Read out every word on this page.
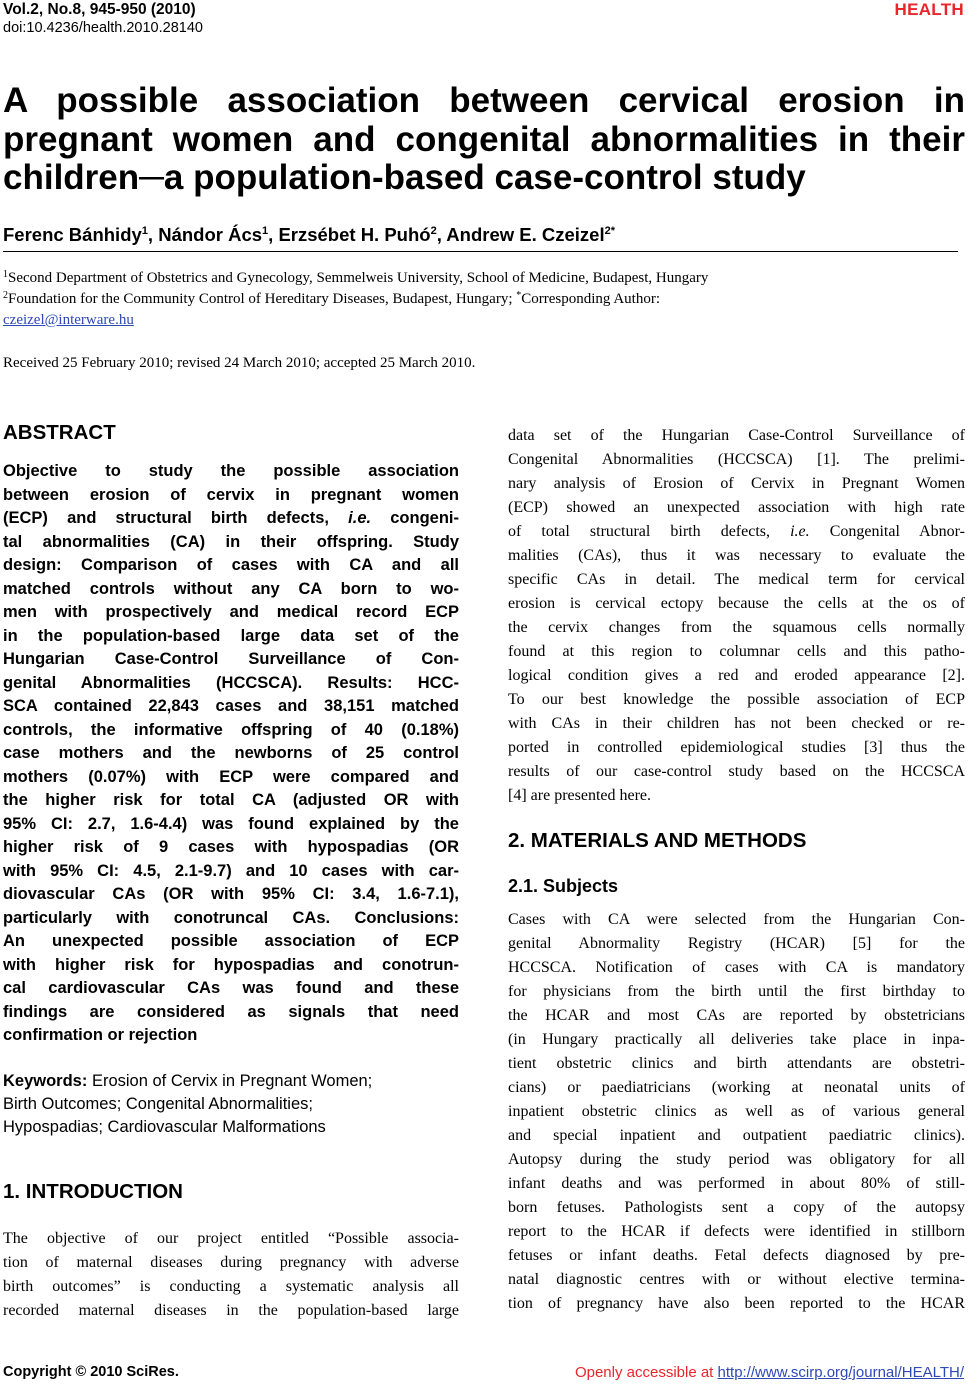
Vol.2, No.8, 945-950 (2010)
doi:10.4236/health.2010.28140
HEALTH
A possible association between cervical erosion in
pregnant women and congenital abnormalities in their
children─a population-based case-control study
Ferenc Bánhidy$^1$, Nándor Ács$^1$, Erzsébet H. Puhó$^2$, Andrew E. Czeizel$^{2*}$
$^1$Second Department of Obstetrics and Gynecology, Semmelweis University, School of Medicine, Budapest, Hungary
$^2$Foundation for the Community Control of Hereditary Diseases, Budapest, Hungary; *Corresponding Author:
czeizel@interware.hu
Received 25 February 2010; revised 24 March 2010; accepted 25 March 2010.
ABSTRACT
Objective to study the possible association
between erosion of cervix in pregnant women
(ECP) and structural birth defects, i.e. congeni-
tal abnormalities (CA) in their offspring. Study
design: Comparison of cases with CA and all
matched controls without any CA born to wo-
men with prospectively and medical record ECP
in the population-based large data set of the
Hungarian Case-Control Surveillance of Con-
genital Abnormalities (HCCSCA). Results: HCC-
SCA contained 22,843 cases and 38,151 matched
controls, the informative offspring of 40 (0.18%)
case mothers and the newborns of 25 control
mothers (0.07%) with ECP were compared and
the higher risk for total CA (adjusted OR with
95% CI: 2.7, 1.6-4.4) was found explained by the
higher risk of 9 cases with hypospadias (OR
with 95% CI: 4.5, 2.1-9.7) and 10 cases with car-
diovascular CAs (OR with 95% CI: 3.4, 1.6-7.1),
particularly with conotruncal CAs. Conclusions:
An unexpected possible association of ECP
with higher risk for hypospadias and conotrun-
cal cardiovascular CAs was found and these
findings are considered as signals that need
confirmation or rejection
Keywords: Erosion of Cervix in Pregnant Women;
Birth Outcomes; Congenital Abnormalities;
Hypospadias; Cardiovascular Malformations
1. INTRODUCTION
The objective of our project entitled “Possible associa-
tion of maternal diseases during pregnancy with adverse
birth outcomes” is conducting a systematic analysis all
recorded maternal diseases in the population-based large
data set of the Hungarian Case-Control Surveillance of
Congenital Abnormalities (HCCSCA) [1]. The prelimi-
nary analysis of Erosion of Cervix in Pregnant Women
(ECP) showed an unexpected association with high rate
of total structural birth defects, i.e. Congenital Abnor-
malities (CAs), thus it was necessary to evaluate the
specific CAs in detail. The medical term for cervical
erosion is cervical ectopy because the cells at the os of
the cervix changes from the squamous cells normally
found at this region to columnar cells and this patho-
logical condition gives a red and eroded appearance [2].
To our best knowledge the possible association of ECP
with CAs in their children has not been checked or re-
ported in controlled epidemiological studies [3] thus the
results of our case-control study based on the HCCSCA
[4] are presented here.
2. MATERIALS AND METHODS
2.1. Subjects
Cases with CA were selected from the Hungarian Con-
genital Abnormality Registry (HCAR) [5] for the
HCCSCA. Notification of cases with CA is mandatory
for physicians from the birth until the first birthday to
the HCAR and most CAs are reported by obstetricians
(in Hungary practically all deliveries take place in inpa-
tient obstetric clinics and birth attendants are obstetri-
cians) or paediatricians (working at neonatal units of
inpatient obstetric clinics as well as of various general
and special inpatient and outpatient paediatric clinics).
Autopsy during the study period was obligatory for all
infant deaths and was performed in about 80% of still-
born fetuses. Pathologists sent a copy of the autopsy
report to the HCAR if defects were identified in stillborn
fetuses or infant deaths. Fetal defects diagnosed by pre-
natal diagnostic centres with or without elective termina-
tion of pregnancy have also been reported to the HCAR
Copyright © 2010 SciRes.	Openly accessible at http://www.scirp.org/journal/HEALTH/
